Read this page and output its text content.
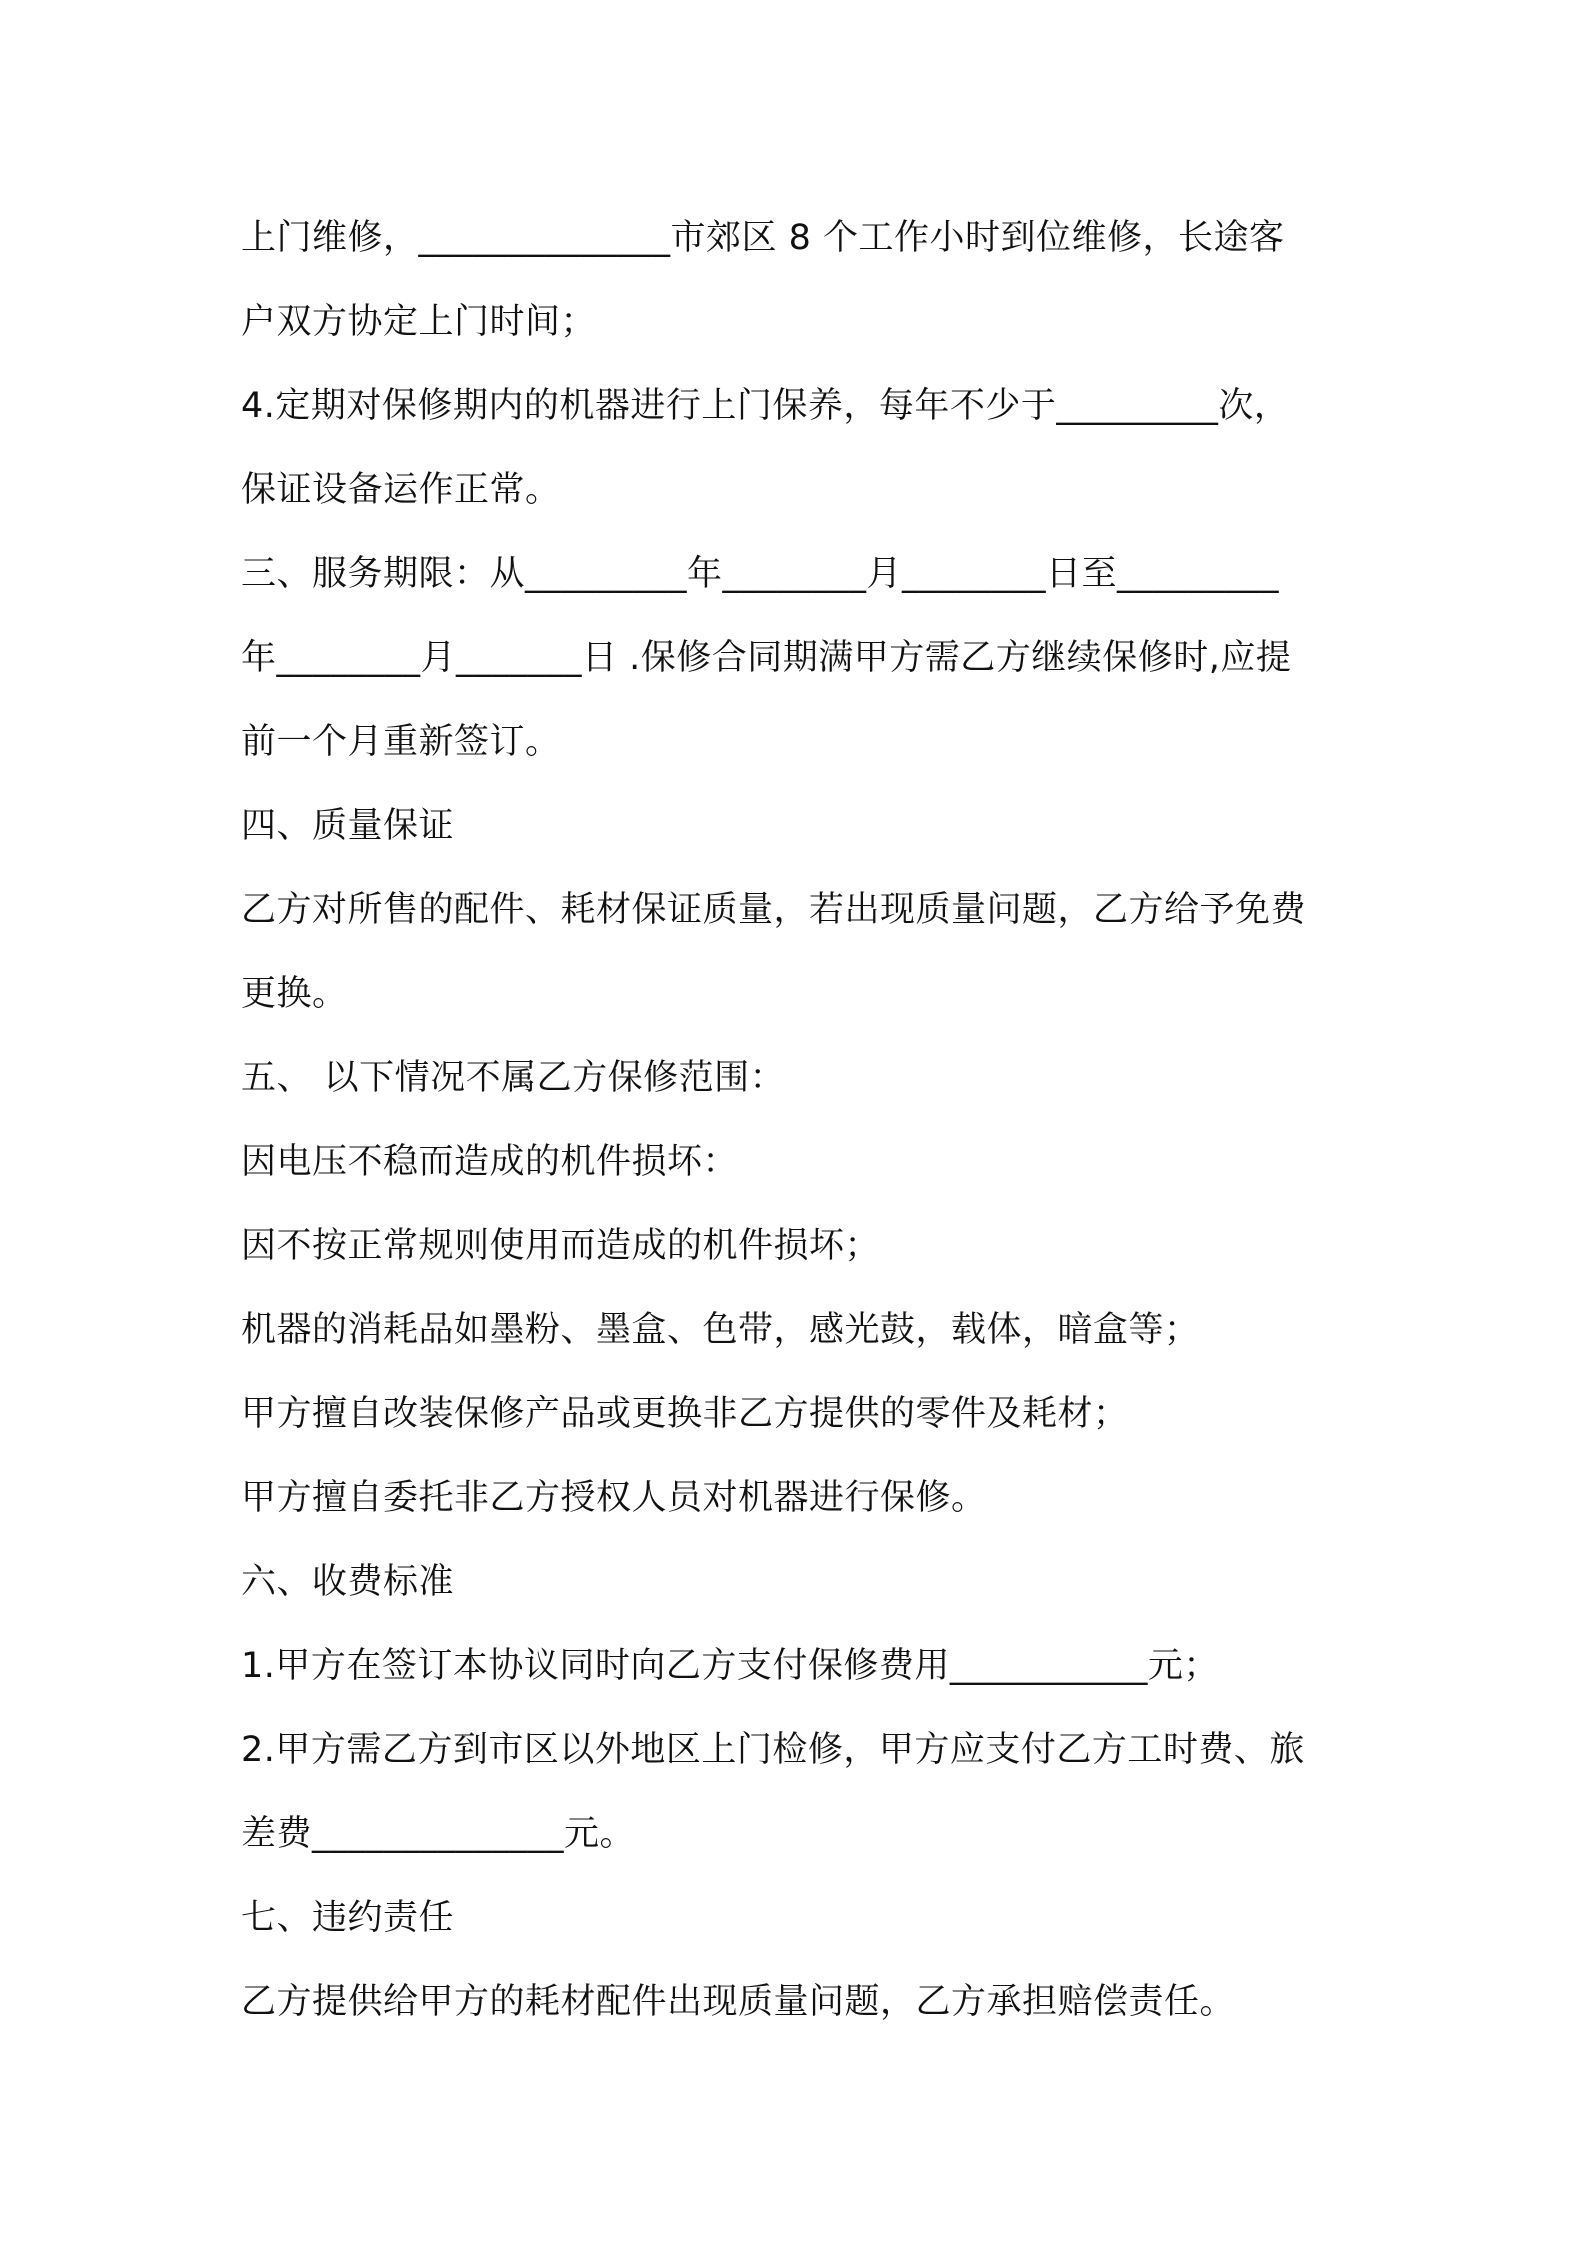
上门维修，______________市郊区 8 个工作小时到位维修，长途客
户双方协定上门时间；
4.定期对保修期内的机器进行上门保养，每年不少于_________次，
保证设备运作正常。
三、服务期限：从_________年________月________日至_________
年________月_______日 .保修合同期满甲方需乙方继续保修时,应提
前一个月重新签订。
四、质量保证
乙方对所售的配件、耗材保证质量，若出现质量问题，乙方给予免费
更换。
五、 以下情况不属乙方保修范围：
因电压不稳而造成的机件损坏：
因不按正常规则使用而造成的机件损坏；
机器的消耗品如墨粉、墨盒、色带，感光鼓，载体，暗盒等；
甲方擅自改装保修产品或更换非乙方提供的零件及耗材；
甲方擅自委托非乙方授权人员对机器进行保修。
六、收费标准
1.甲方在签订本协议同时向乙方支付保修费用___________元；
2.甲方需乙方到市区以外地区上门检修，甲方应支付乙方工时费、旅
差费______________元。
七、违约责任
乙方提供给甲方的耗材配件出现质量问题，乙方承担赔偿责任。
